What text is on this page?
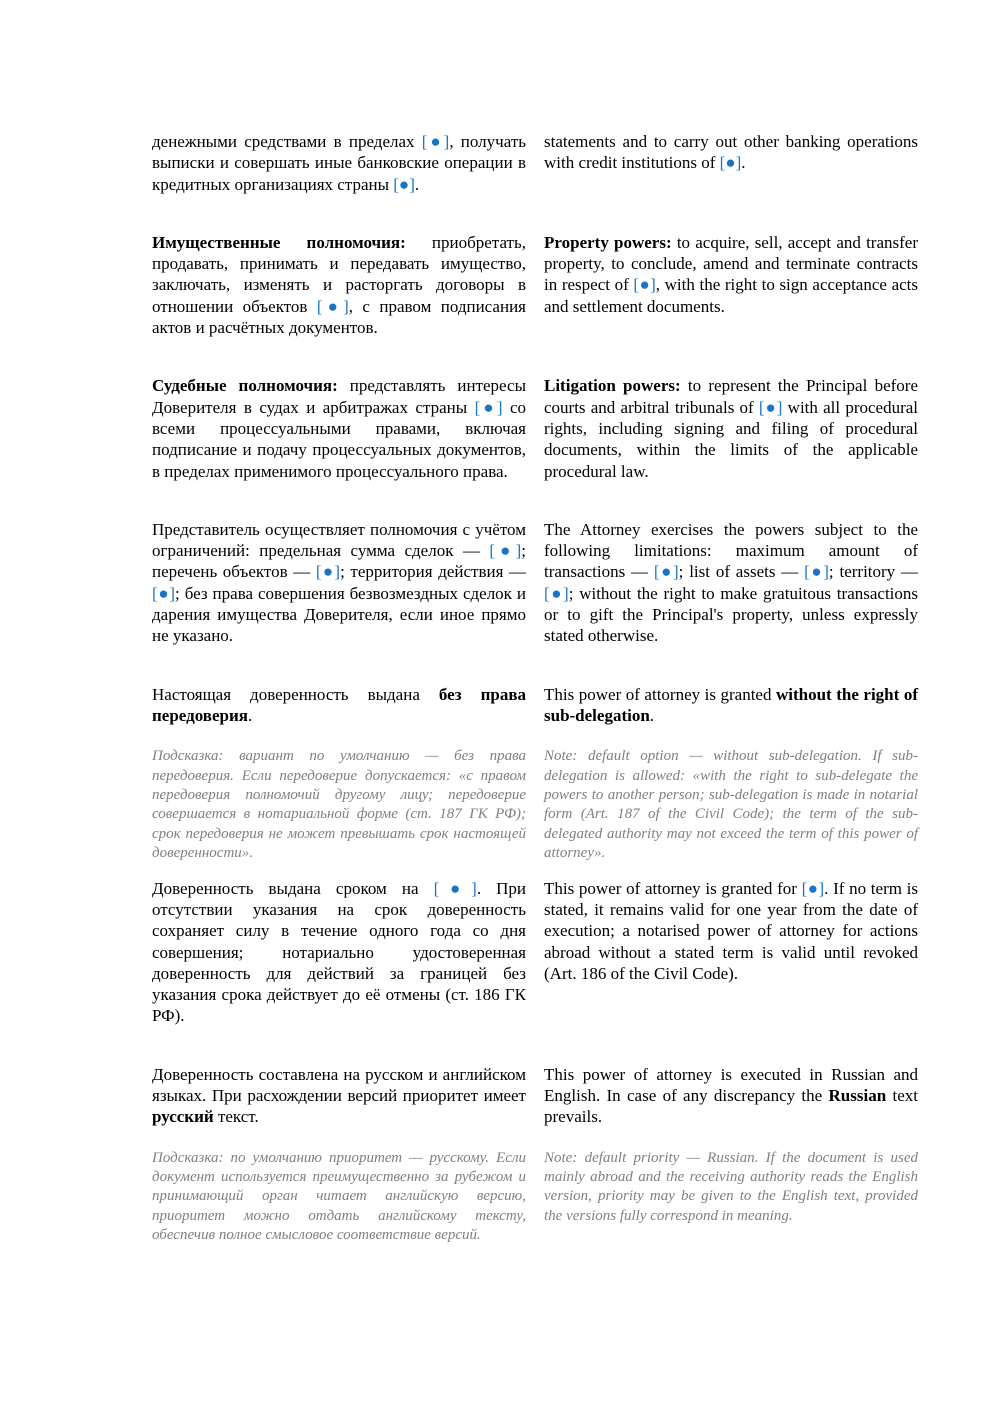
денежными средствами в пределах [●], получать выписки и совершать иные банковские операции в кредитных организациях страны [●].
statements and to carry out other banking operations with credit institutions of [●].
Имущественные полномочия: приобретать, продавать, принимать и передавать имущество, заключать, изменять и расторгать договоры в отношении объектов [●], с правом подписания актов и расчётных документов.
Property powers: to acquire, sell, accept and transfer property, to conclude, amend and terminate contracts in respect of [●], with the right to sign acceptance acts and settlement documents.
Судебные полномочия: представлять интересы Доверителя в судах и арбитражах страны [●] со всеми процессуальными правами, включая подписание и подачу процессуальных документов, в пределах применимого процессуального права.
Litigation powers: to represent the Principal before courts and arbitral tribunals of [●] with all procedural rights, including signing and filing of procedural documents, within the limits of the applicable procedural law.
Представитель осуществляет полномочия с учётом ограничений: предельная сумма сделок — [●]; перечень объектов — [●]; территория действия — [●]; без права совершения безвозмездных сделок и дарения имущества Доверителя, если иное прямо не указано.
The Attorney exercises the powers subject to the following limitations: maximum amount of transactions — [●]; list of assets — [●]; territory — [●]; without the right to make gratuitous transactions or to gift the Principal's property, unless expressly stated otherwise.
Настоящая доверенность выдана без права передоверия.
This power of attorney is granted without the right of sub-delegation.
Подсказка: вариант по умолчанию — без права передоверия. Если передоверие допускается: «с правом передоверия полномочий другому лицу; передоверие совершается в нотариальной форме (ст. 187 ГК РФ); срок передоверия не может превышать срок настоящей доверенности».
Note: default option — without sub-delegation. If sub-delegation is allowed: «with the right to sub-delegate the powers to another person; sub-delegation is made in notarial form (Art. 187 of the Civil Code); the term of the sub-delegated authority may not exceed the term of this power of attorney».
Доверенность выдана сроком на [●]. При отсутствии указания на срок доверенность сохраняет силу в течение одного года со дня совершения; нотариально удостоверенная доверенность для действий за границей без указания срока действует до её отмены (ст. 186 ГК РФ).
This power of attorney is granted for [●]. If no term is stated, it remains valid for one year from the date of execution; a notarised power of attorney for actions abroad without a stated term is valid until revoked (Art. 186 of the Civil Code).
Доверенность составлена на русском и английском языках. При расхождении версий приоритет имеет русский текст.
This power of attorney is executed in Russian and English. In case of any discrepancy the Russian text prevails.
Подсказка: по умолчанию приоритет — русскому. Если документ используется преимущественно за рубежом и принимающий орган читает английскую версию, приоритет можно отдать английскому тексту, обеспечив полное смысловое соответствие версий.
Note: default priority — Russian. If the document is used mainly abroad and the receiving authority reads the English version, priority may be given to the English text, provided the versions fully correspond in meaning.
